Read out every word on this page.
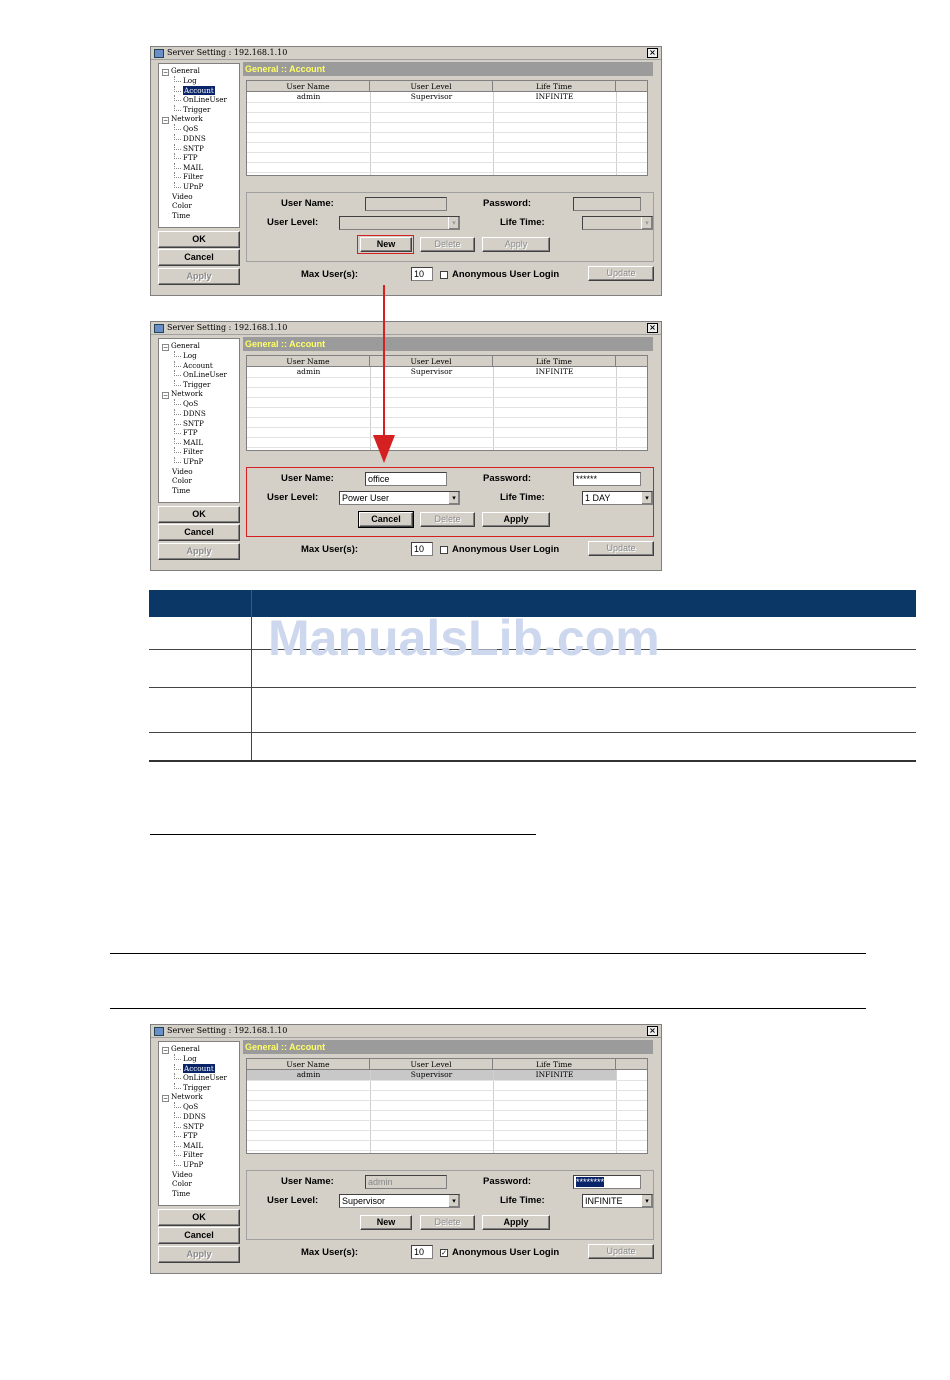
Server Setting : 192.168.1.10	×
− General
Log
Account
OnLineUser
Trigger
− Network
QoS
DDNS
SNTP
FTP
MAIL
Filter
UPnP
Video
Color
Time
OK
Cancel
Apply
General :: Account
User Name	User Level	Life Time
admin	Supervisor	INFINITE
User Name:	Password:
User Level:	▾	Life Time:	▾
New	Delete	Apply
Max User(s):	10	Anonymous User Login	Update
Server Setting : 192.168.1.10	×
− General
Log
Account
OnLineUser
Trigger
− Network
QoS
DDNS
SNTP
FTP
MAIL
Filter
UPnP
Video
Color
Time
OK
Cancel
Apply
General :: Account
User Name	User Level	Life Time
admin	Supervisor	INFINITE
User Name:	office	Password:	******
User Level:	Power User	▾	Life Time:	1 DAY	▾
Cancel	Delete	Apply
Max User(s):	10	Anonymous User Login	Update
ManualsLib.com
Server Setting : 192.168.1.10	×
− General
Log
Account
OnLineUser
Trigger
− Network
QoS
DDNS
SNTP
FTP
MAIL
Filter
UPnP
Video
Color
Time
OK
Cancel
Apply
General :: Account
User Name	User Level	Life Time
admin	Supervisor	INFINITE
User Name:	admin	Password:	********
User Level:	Supervisor	▾	Life Time:	INFINITE	▾
New	Delete	Apply
Max User(s):	10	✓ Anonymous User Login	Update
